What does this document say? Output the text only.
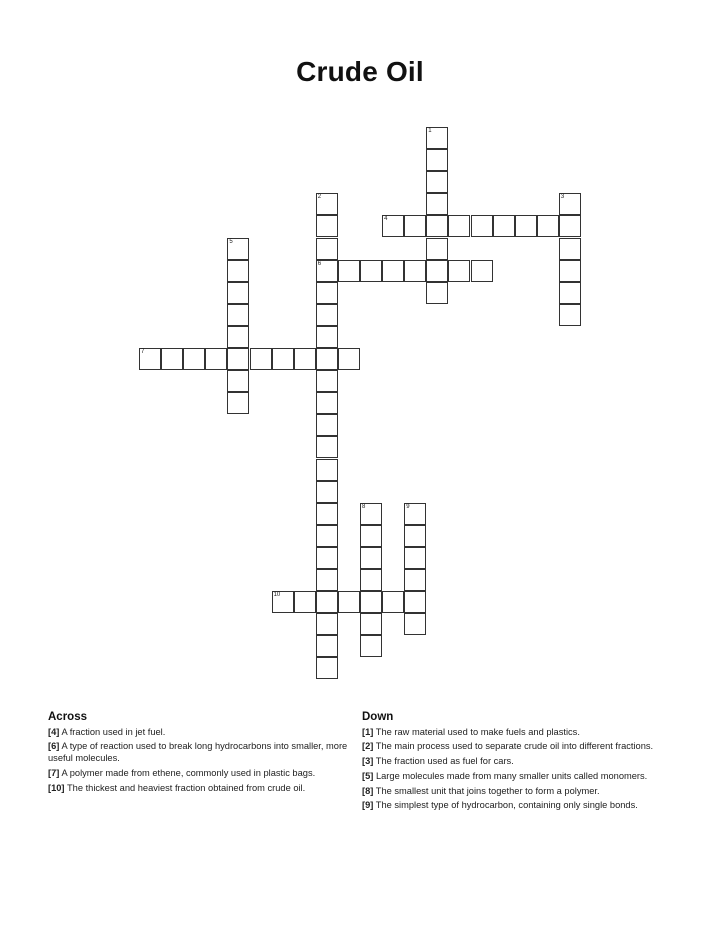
Crude Oil
1
2
6
3
4
5
7
8	9
10
Across
[4] A fraction used in jet fuel.
[6] A type of reaction used to break long hydrocarbons into smaller, more useful molecules.
[7] A polymer made from ethene, commonly used in plastic bags.
[10] The thickest and heaviest fraction obtained from crude oil.
Down
[1] The raw material used to make fuels and plastics.
[2] The main process used to separate crude oil into different fractions.
[3] The fraction used as fuel for cars.
[5] Large molecules made from many smaller units called monomers.
[8] The smallest unit that joins together to form a polymer.
[9] The simplest type of hydrocarbon, containing only single bonds.
